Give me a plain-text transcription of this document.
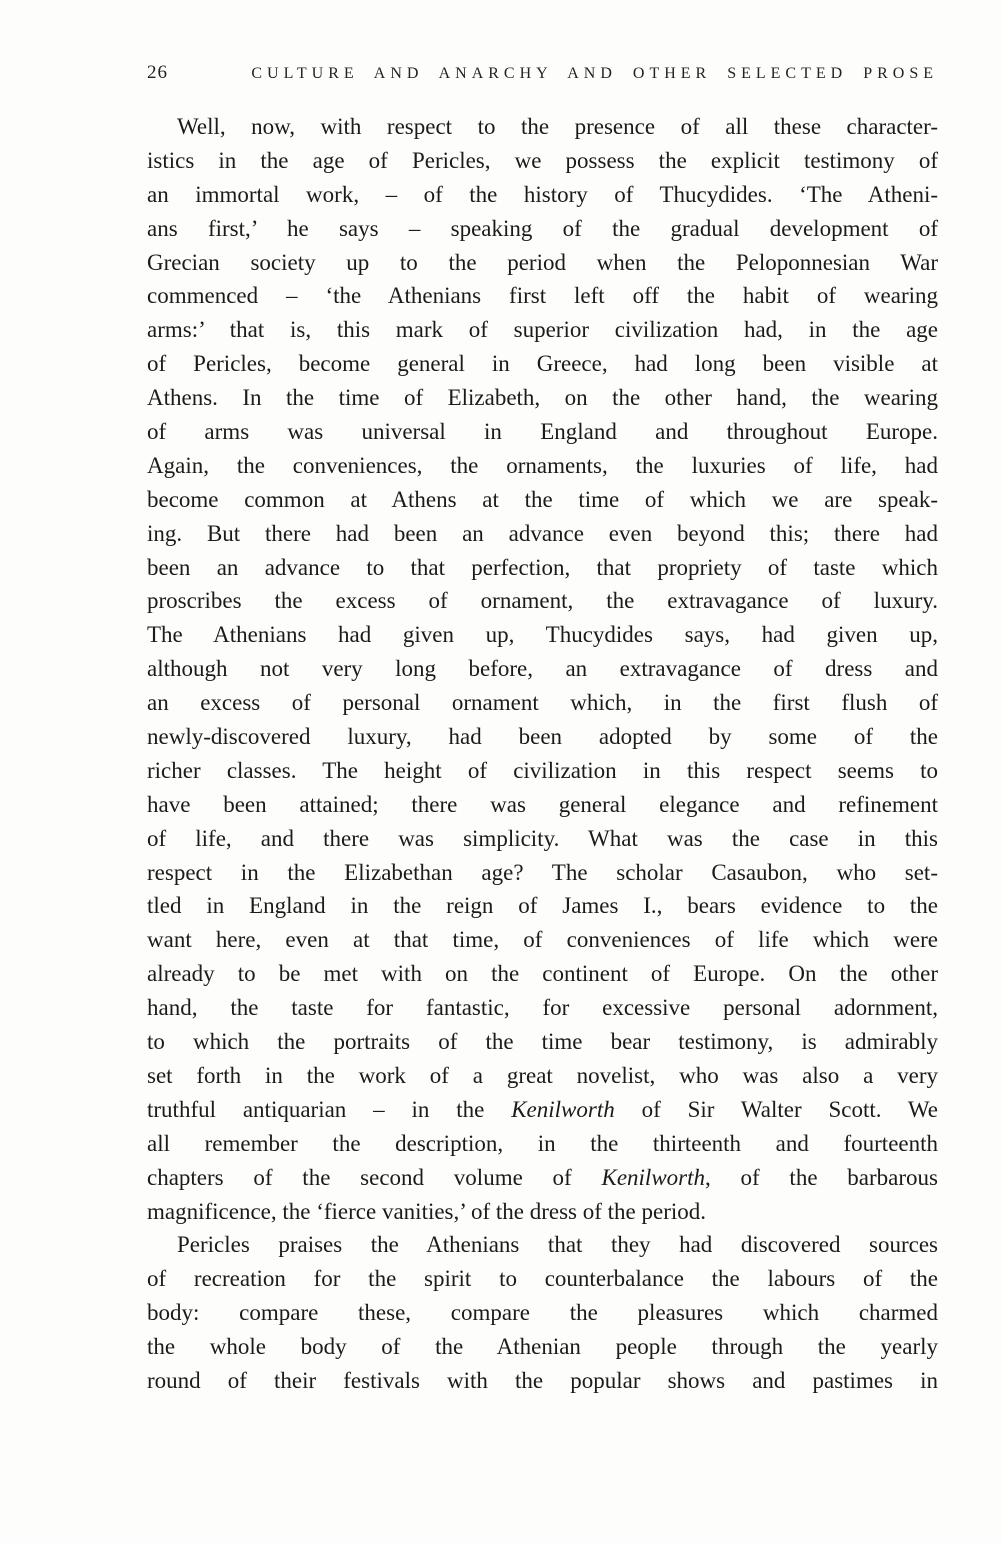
26	CULTURE AND ANARCHY AND OTHER SELECTED PROSE
Well, now, with respect to the presence of all these character-
istics in the age of Pericles, we possess the explicit testimony of
an immortal work, – of the history of Thucydides. ‘The Atheni-
ans first,’ he says – speaking of the gradual development of
Grecian society up to the period when the Peloponnesian War
commenced – ‘the Athenians first left off the habit of wearing
arms:’ that is, this mark of superior civilization had, in the age
of Pericles, become general in Greece, had long been visible at
Athens. In the time of Elizabeth, on the other hand, the wearing
of arms was universal in England and throughout Europe.
Again, the conveniences, the ornaments, the luxuries of life, had
become common at Athens at the time of which we are speak-
ing. But there had been an advance even beyond this; there had
been an advance to that perfection, that propriety of taste which
proscribes the excess of ornament, the extravagance of luxury.
The Athenians had given up, Thucydides says, had given up,
although not very long before, an extravagance of dress and
an excess of personal ornament which, in the first flush of
newly-discovered luxury, had been adopted by some of the
richer classes. The height of civilization in this respect seems to
have been attained; there was general elegance and refinement
of life, and there was simplicity. What was the case in this
respect in the Elizabethan age? The scholar Casaubon, who set-
tled in England in the reign of James I., bears evidence to the
want here, even at that time, of conveniences of life which were
already to be met with on the continent of Europe. On the other
hand, the taste for fantastic, for excessive personal adornment,
to which the portraits of the time bear testimony, is admirably
set forth in the work of a great novelist, who was also a very
truthful antiquarian – in the Kenilworth of Sir Walter Scott. We
all remember the description, in the thirteenth and fourteenth
chapters of the second volume of Kenilworth, of the barbarous
magnificence, the ‘fierce vanities,’ of the dress of the period.
Pericles praises the Athenians that they had discovered sources
of recreation for the spirit to counterbalance the labours of the
body: compare these, compare the pleasures which charmed
the whole body of the Athenian people through the yearly
round of their festivals with the popular shows and pastimes in
